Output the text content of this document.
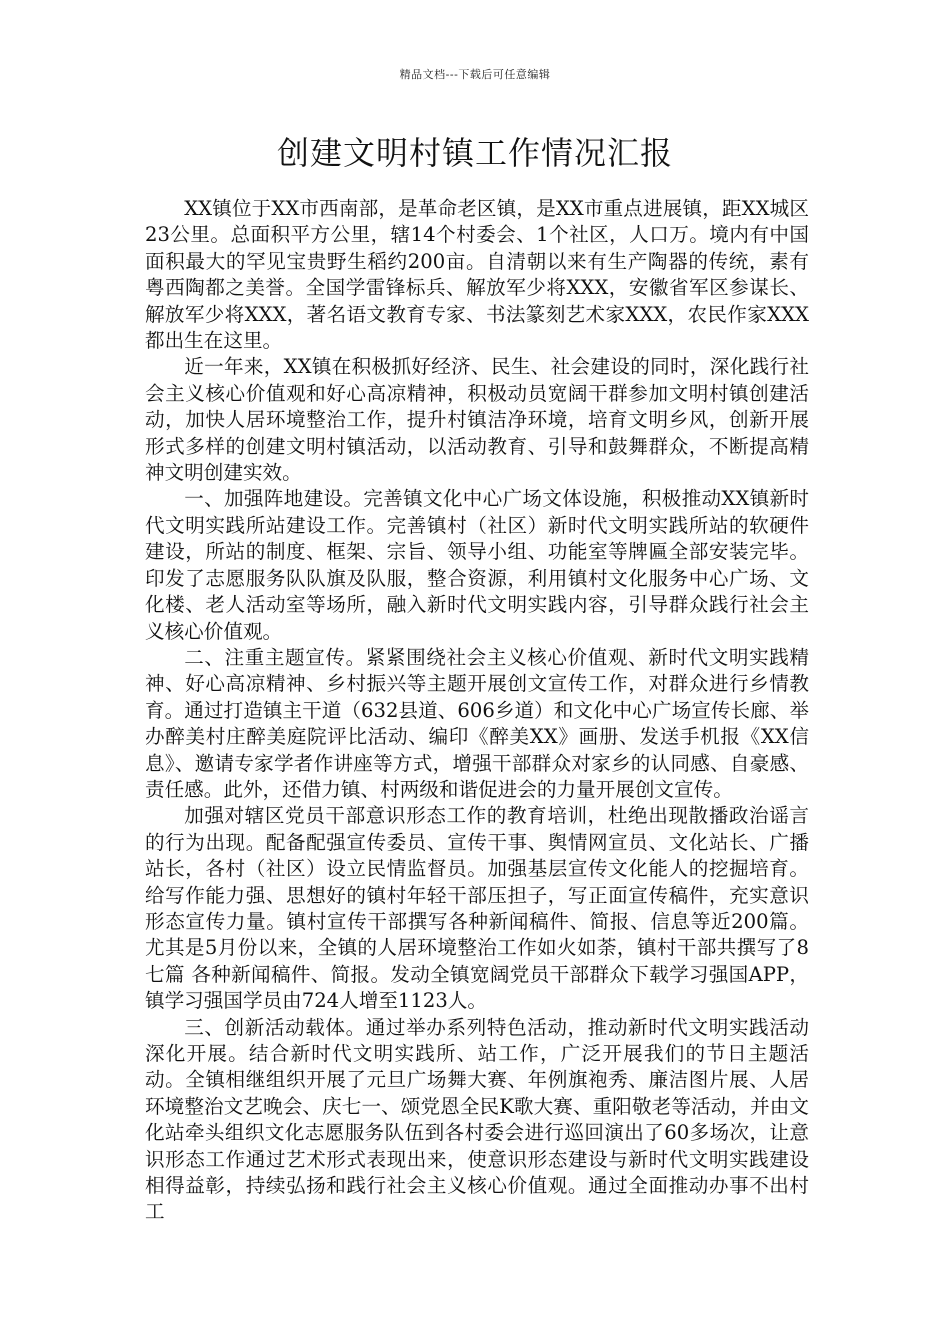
精品文档---下载后可任意编辑
创建文明村镇工作情况汇报

XX镇位于XX市西南部，是革命老区镇，是XX市重点进展镇，距XX城区23公里。总面积平方公里，辖14个村委会、1个社区，人口万。境内有中国面积最大的罕见宝贵野生稻约200亩。自清朝以来有生产陶器的传统，素有粤西陶都之美誉。全国学雷锋标兵、解放军少将XXX，安徽省军区参谋长、解放军少将XXX，著名语文教育专家、书法篆刻艺术家XXX，农民作家XXX都出生在这里。

近一年来，XX镇在积极抓好经济、民生、社会建设的同时，深化践行社会主义核心价值观和好心高凉精神，积极动员宽阔干群参加文明村镇创建活动，加快人居环境整治工作，提升村镇洁净环境，培育文明乡风，创新开展形式多样的创建文明村镇活动，以活动教育、引导和鼓舞群众，不断提高精神文明创建实效。

一、加强阵地建设。完善镇文化中心广场文体设施，积极推动XX镇新时代文明实践所站建设工作。完善镇村（社区）新时代文明实践所站的软硬件建设，所站的制度、框架、宗旨、领导小组、功能室等牌匾全部安装完毕。印发了志愿服务队队旗及队服，整合资源，利用镇村文化服务中心广场、文化楼、老人活动室等场所，融入新时代文明实践内容，引导群众践行社会主义核心价值观。

二、注重主题宣传。紧紧围绕社会主义核心价值观、新时代文明实践精神、好心高凉精神、乡村振兴等主题开展创文宣传工作，对群众进行乡情教育。通过打造镇主干道（632县道、606乡道）和文化中心广场宣传长廊、举办醉美村庄醉美庭院评比活动、编印《醉美XX》画册、发送手机报《XX信息》、邀请专家学者作讲座等方式，增强干部群众对家乡的认同感、自豪感、责任感。此外，还借力镇、村两级和谐促进会的力量开展创文宣传。

加强对辖区党员干部意识形态工作的教育培训，杜绝出现散播政治谣言的行为出现。配备配强宣传委员、宣传干事、舆情网宣员、文化站长、广播站长，各村（社区）设立民情监督员。加强基层宣传文化能人的挖掘培育。给写作能力强、思想好的镇村年轻干部压担子，写正面宣传稿件，充实意识形态宣传力量。镇村宣传干部撰写各种新闻稿件、简报、信息等近200篇。尤其是5月份以来，全镇的人居环境整治工作如火如荼，镇村干部共撰写了8七篇 各种新闻稿件、简报。发动全镇宽阔党员干部群众下载学习强国APP，镇学习强国学员由724人增至1123人。

三、创新活动载体。通过举办系列特色活动，推动新时代文明实践活动深化开展。结合新时代文明实践所、站工作，广泛开展我们的节日主题活动。全镇相继组织开展了元旦广场舞大赛、年例旗袍秀、廉洁图片展、人居环境整治文艺晚会、庆七一、颂党恩全民K歌大赛、重阳敬老等活动，并由文化站牵头组织文化志愿服务队伍到各村委会进行巡回演出了60多场次，让意识形态工作通过艺术形式表现出来，使意识形态建设与新时代文明实践建设相得益彰，持续弘扬和践行社会主义核心价值观。通过全面推动办事不出村工
